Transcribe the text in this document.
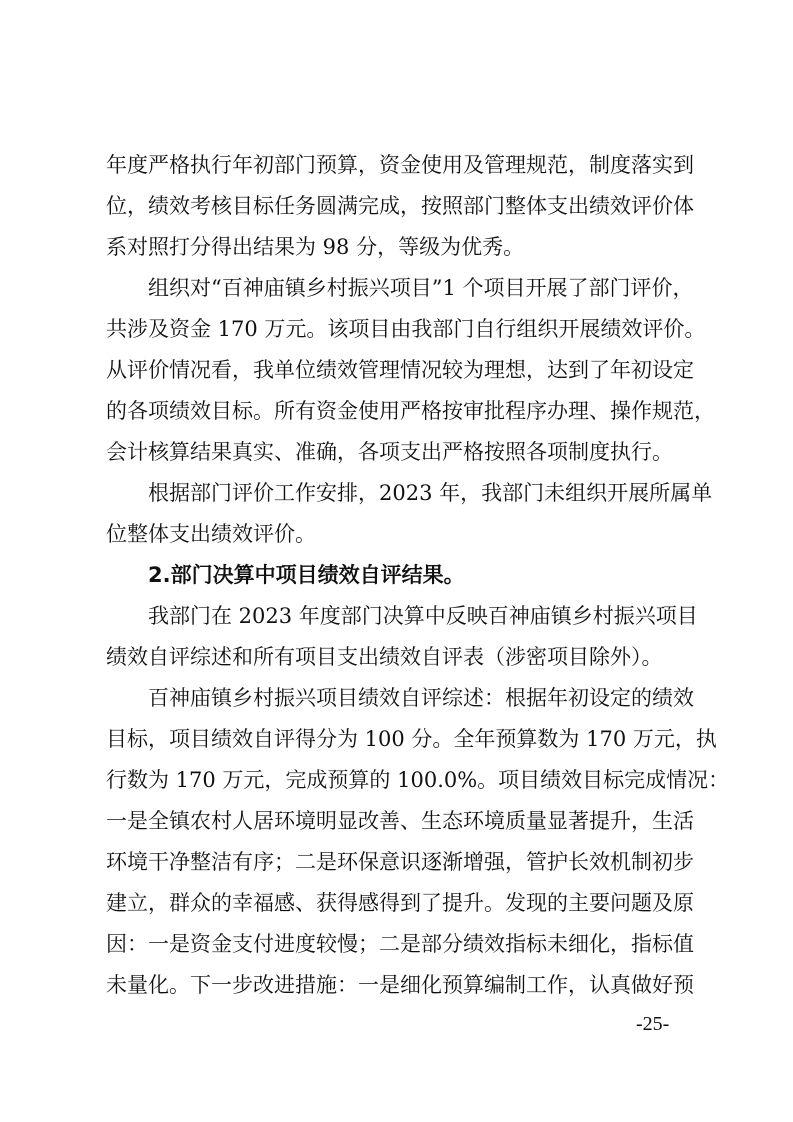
年度严格执行年初部门预算，资金使用及管理规范，制度落实到
位，绩效考核目标任务圆满完成，按照部门整体支出绩效评价体
系对照打分得出结果为 98 分，等级为优秀。
组织对“百神庙镇乡村振兴项目”1 个项目开展了部门评价，
共涉及资金 170 万元。该项目由我部门自行组织开展绩效评价。
从评价情况看，我单位绩效管理情况较为理想，达到了年初设定
的各项绩效目标。所有资金使用严格按审批程序办理、操作规范，
会计核算结果真实、准确，各项支出严格按照各项制度执行。
根据部门评价工作安排，2023 年，我部门未组织开展所属单
位整体支出绩效评价。
2.部门决算中项目绩效自评结果。
我部门在 2023 年度部门决算中反映百神庙镇乡村振兴项目
绩效自评综述和所有项目支出绩效自评表（涉密项目除外）。
百神庙镇乡村振兴项目绩效自评综述：根据年初设定的绩效
目标，项目绩效自评得分为 100 分。全年预算数为 170 万元，执
行数为 170 万元，完成预算的 100.0%。项目绩效目标完成情况：
一是全镇农村人居环境明显改善、生态环境质量显著提升，生活
环境干净整洁有序；二是环保意识逐渐增强，管护长效机制初步
建立，群众的幸福感、获得感得到了提升。发现的主要问题及原
因：一是资金支付进度较慢；二是部分绩效指标未细化，指标值
未量化。下一步改进措施：一是细化预算编制工作，认真做好预
-25-
